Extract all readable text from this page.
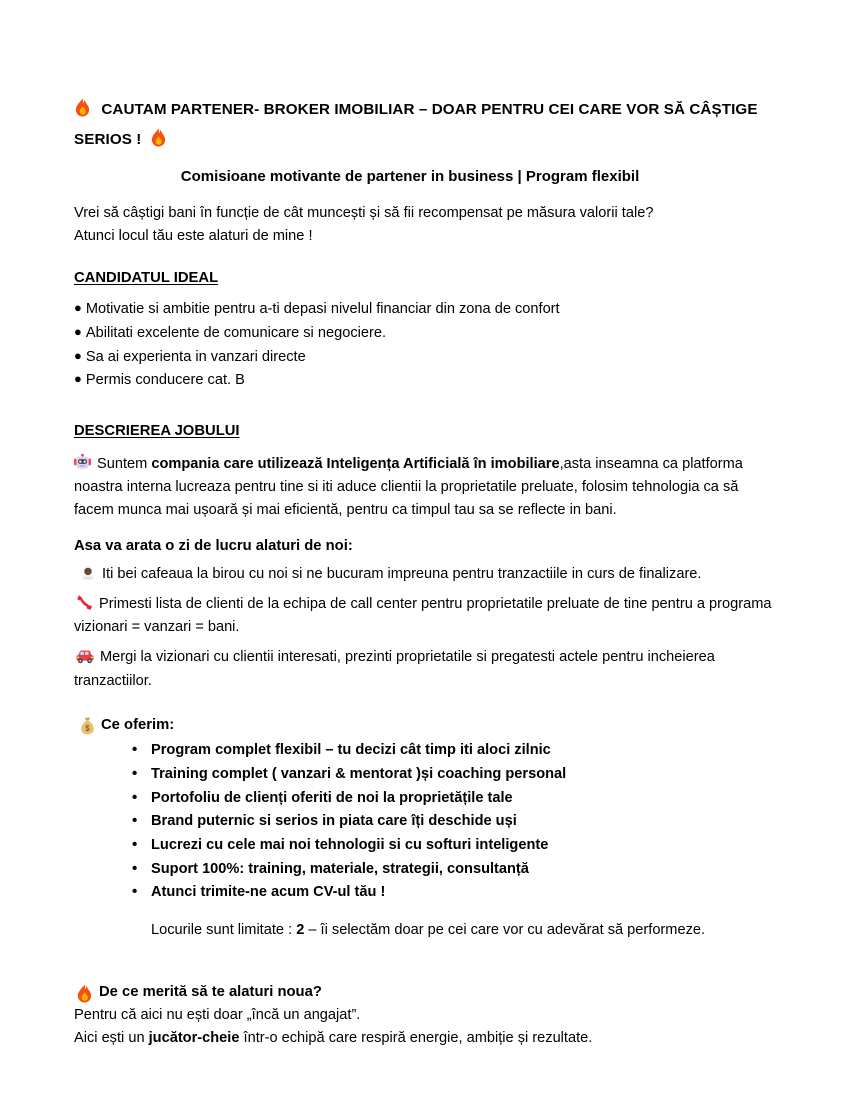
CAUTAM PARTENER- BROKER IMOBILIAR – DOAR PENTRU CEI CARE VOR SĂ CÂȘTIGE
SERIOS !
Comisioane motivante de partener in business | Program flexibil

Vrei să câștigi bani în funcție de cât muncești și să fii recompensat pe măsura valorii tale?

Atunci locul tău este alaturi de mine !

CANDIDATUL IDEAL

● Motivatie si ambitie pentru a-ti depasi nivelul financiar din zona de confort

● Abilitati excelente de comunicare si negociere.

● Sa ai experienta in vanzari directe

● Permis conducere cat. B

DESCRIEREA JOBULUI

Suntem compania care utilizează Inteligența Artificială în imobiliare,asta inseamna ca platforma noastra interna lucreaza pentru tine si iti aduce clientii la proprietatile preluate, folosim tehnologia ca să facem munca mai ușoară și mai eficientă, pentru ca timpul tau sa se reflecte in bani.

Asa va arata o zi de lucru alaturi de noi:

Iti bei cafeaua la birou cu noi si ne bucuram impreuna pentru tranzactiile in curs de finalizare.

Primesti lista de clienti de la echipa de call center pentru proprietatile preluate de tine pentru a programa vizionari = vanzari = bani.

Mergi la vizionari cu clientii interesati, prezinti proprietatile si pregatesti actele pentru incheierea tranzactiilor.

$ Ce oferim:
• Program complet flexibil – tu decizi cât timp iti aloci zilnic
• Training complet ( vanzari & mentorat )și coaching personal
• Portofoliu de clienți oferiti de noi la proprietățile tale
• Brand puternic si serios in piata care îți deschide uși
• Lucrezi cu cele mai noi tehnologii si cu softuri inteligente
• Suport 100%: training, materiale, strategii, consultanță
• Atunci trimite-ne acum CV-ul tău !

Locurile sunt limitate : 2 – îi selectăm doar pe cei care vor cu adevărat să performeze.

De ce merită să te alaturi noua?

Pentru că aici nu ești doar „încă un angajat”.

Aici ești un jucător-cheie într-o echipă care respiră energie, ambiție și rezultate.
